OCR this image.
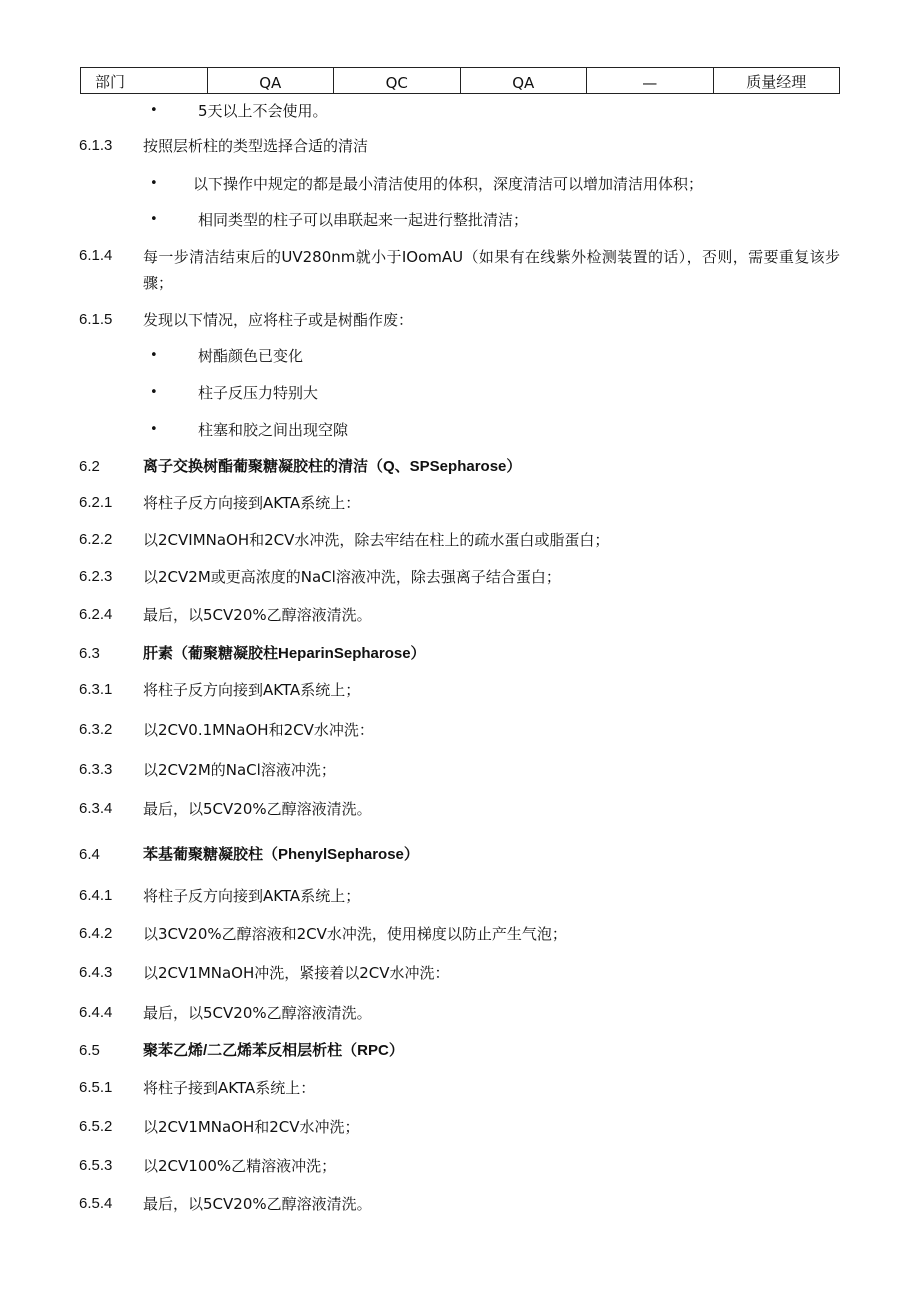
部门	QA	QC	QA	—	质量经理
•	5天以上不会使用。
6.1.3 按照层析柱的类型选择合适的清洁
• 以下操作中规定的都是最小清洁使用的体积，深度清洁可以增加清洁用体积；
•	相同类型的柱子可以串联起来一起进行整批清洁；
6.1.4 每一步清洁结束后的UV280nm就小于IOomAU（如果有在线紫外检测装置的话），否则，需要重复该步骤；
6.1.5 发现以下情况，应将柱子或是树酯作废：
•	树酯颜色已变化
•	柱子反压力特别大
•	柱塞和胶之间出现空隙
6.2	离子交换树酯葡聚糖凝胶柱的清洁（Q、SPSepharose）
6.2.1 将柱子反方向接到AKTA系统上：
6.2.2 以2CVIMNaOH和2CV水冲洗，除去牢结在柱上的疏水蛋白或脂蛋白；
6.2.3 以2CV2M或更高浓度的NaCl溶液冲洗，除去强离子结合蛋白；
6.2.4 最后，以5CV20%乙醇溶液清洗。
6.3	肝素（葡聚糖凝胶柱HeparinSepharose）
6.3.1 将柱子反方向接到AKTA系统上；
6.3.2 以2CV0.1MNaOH和2CV水冲洗：
6.3.3 以2CV2M的NaCl溶液冲洗；
6.3.4 最后，以5CV20%乙醇溶液清洗。
6.4	苯基葡聚糖凝胶柱（PhenylSepharose）
6.4.1 将柱子反方向接到AKTA系统上；
6.4.2 以3CV20%乙醇溶液和2CV水冲洗，使用梯度以防止产生气泡；
6.4.3 以2CV1MNaOH冲洗，紧接着以2CV水冲洗：
6.4.4 最后，以5CV20%乙醇溶液清洗。
6.5	聚苯乙烯/二乙烯苯反相层析柱（RPC）
6.5.1 将柱子接到AKTA系统上：
6.5.2 以2CV1MNaOH和2CV水冲洗；
6.5.3 以2CV100%乙精溶液冲洗；
6.5.4 最后，以5CV20%乙醇溶液清洗。
